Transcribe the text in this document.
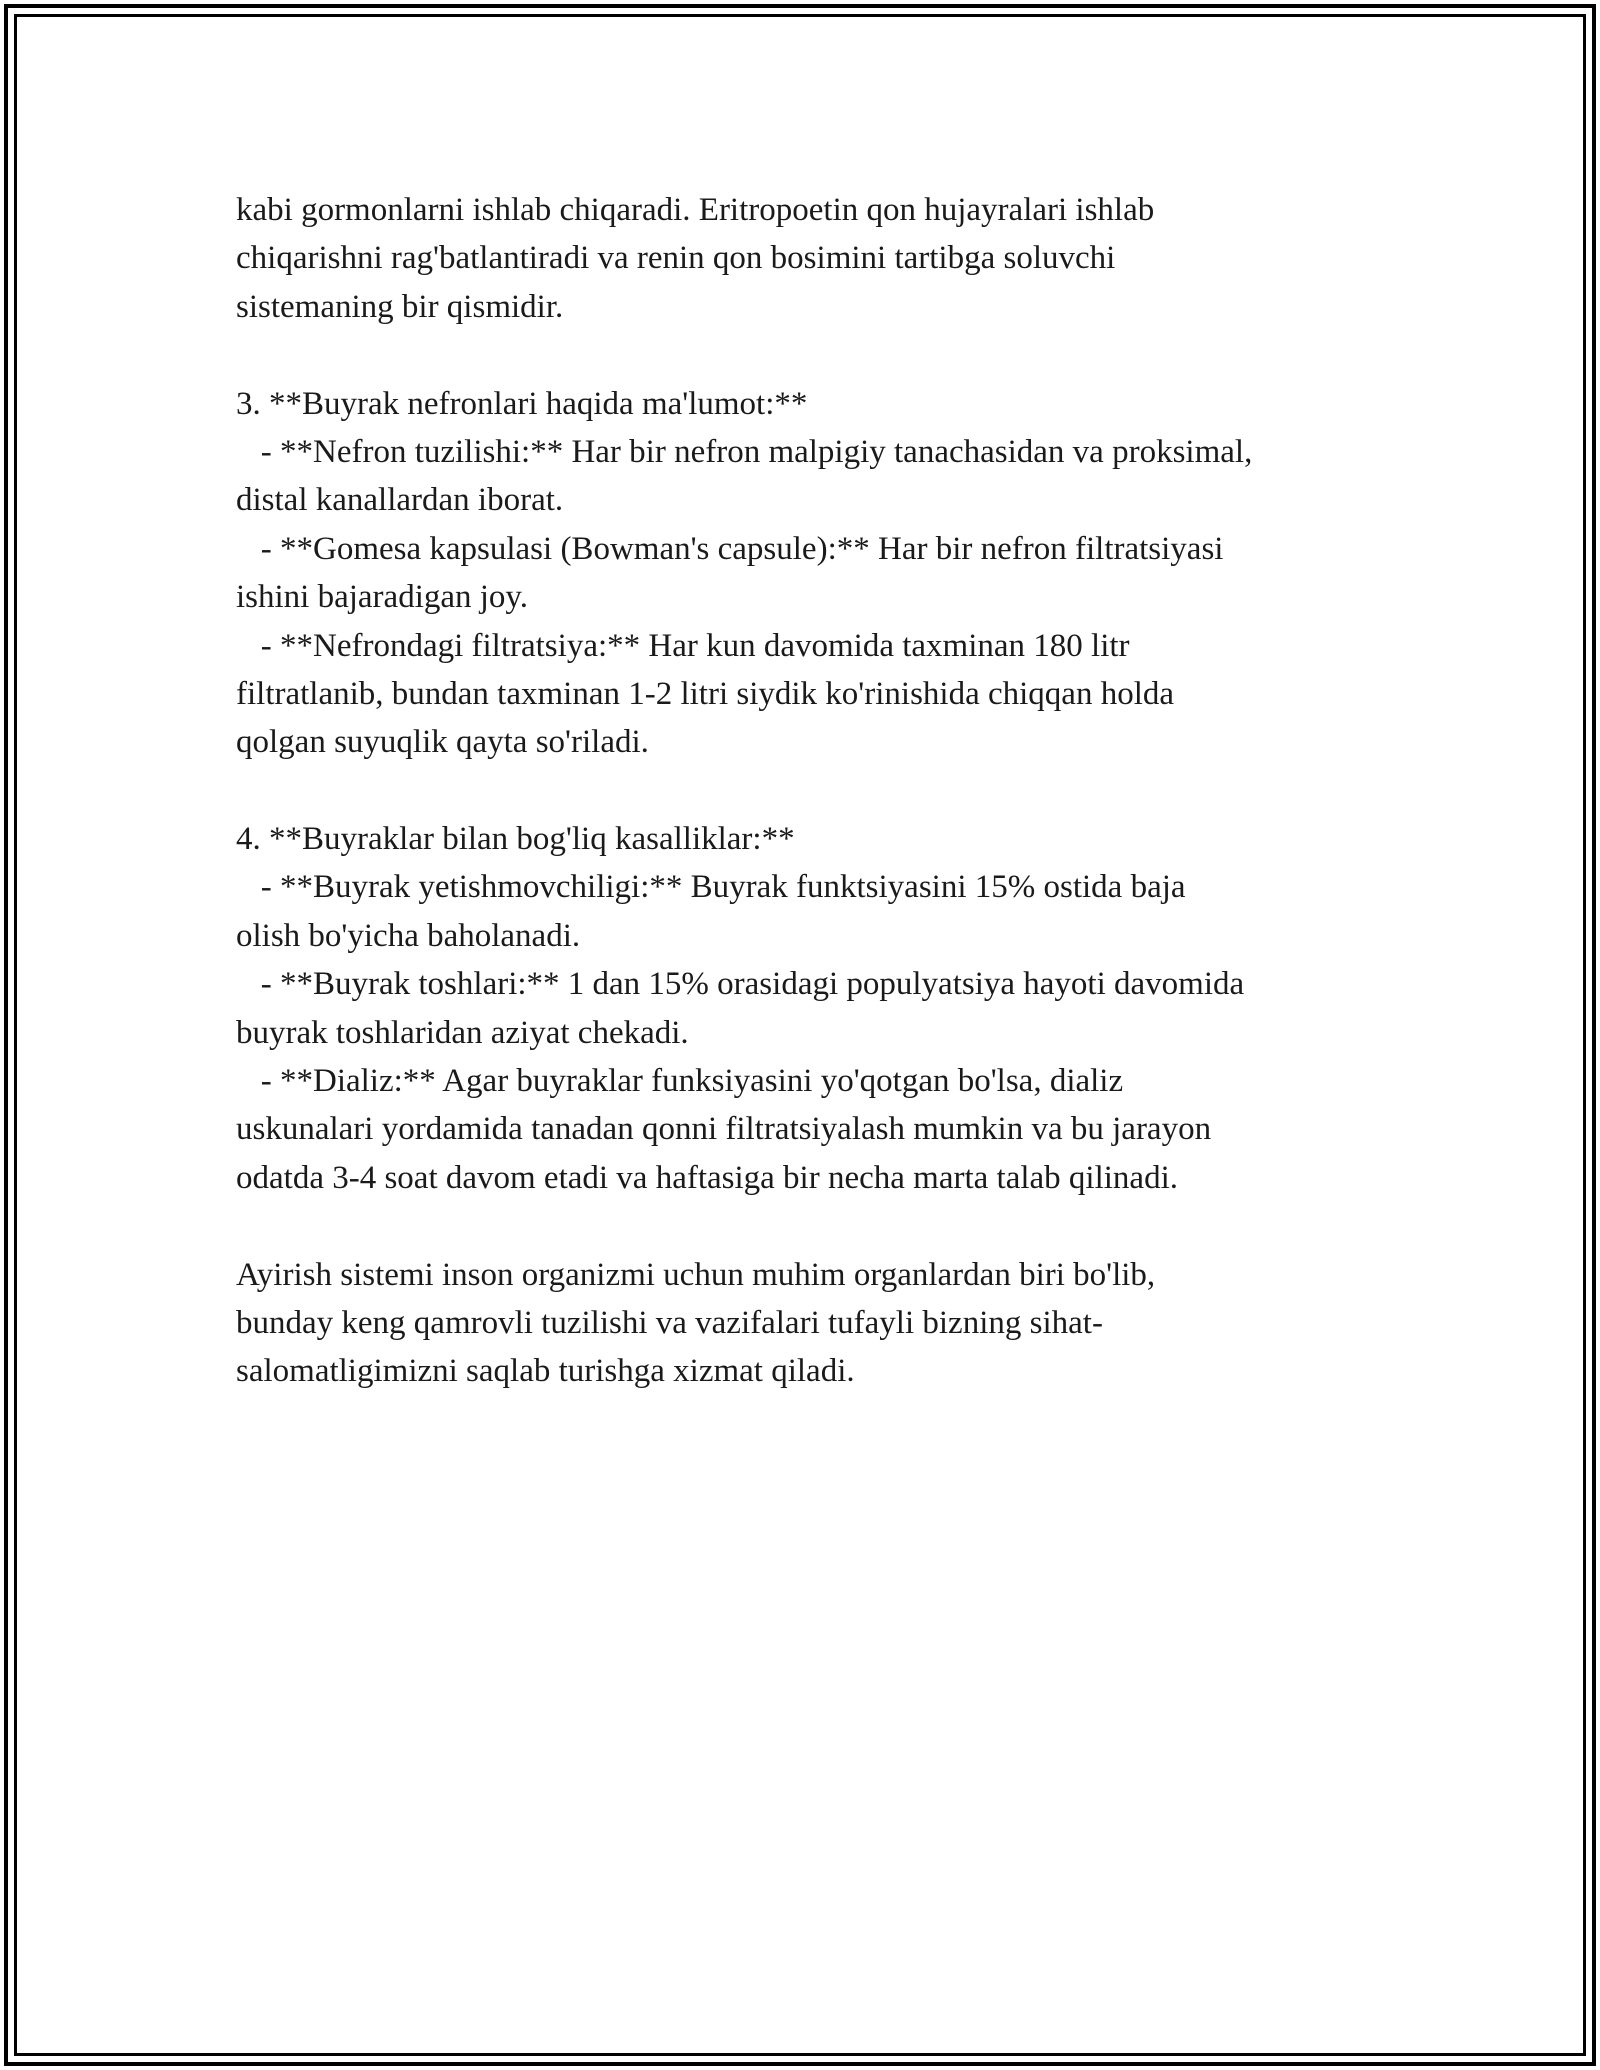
kabi gormonlarni ishlab chiqaradi. Eritropoetin qon hujayralari ishlab
chiqarishni rag'batlantiradi va renin qon bosimini tartibga soluvchi
sistemaning bir qismidir.
3. **Buyrak nefronlari haqida ma'lumot:**
- **Nefron tuzilishi:** Har bir nefron malpigiy tanachasidan va proksimal,
distal kanallardan iborat.
- **Gomesa kapsulasi (Bowman's capsule):** Har bir nefron filtratsiyasi
ishini bajaradigan joy.
- **Nefrondagi filtratsiya:** Har kun davomida taxminan 180 litr
filtratlanib, bundan taxminan 1-2 litri siydik ko'rinishida chiqqan holda
qolgan suyuqlik qayta so'riladi.
4. **Buyraklar bilan bog'liq kasalliklar:**
- **Buyrak yetishmovchiligi:** Buyrak funktsiyasini 15% ostida baja
olish bo'yicha baholanadi.
- **Buyrak toshlari:** 1 dan 15% orasidagi populyatsiya hayoti davomida
buyrak toshlaridan aziyat chekadi.
- **Dializ:** Agar buyraklar funksiyasini yo'qotgan bo'lsa, dializ
uskunalari yordamida tanadan qonni filtratsiyalash mumkin va bu jarayon
odatda 3-4 soat davom etadi va haftasiga bir necha marta talab qilinadi.
Ayirish sistemi inson organizmi uchun muhim organlardan biri bo'lib,
bunday keng qamrovli tuzilishi va vazifalari tufayli bizning sihat-
salomatligimizni saqlab turishga xizmat qiladi.
